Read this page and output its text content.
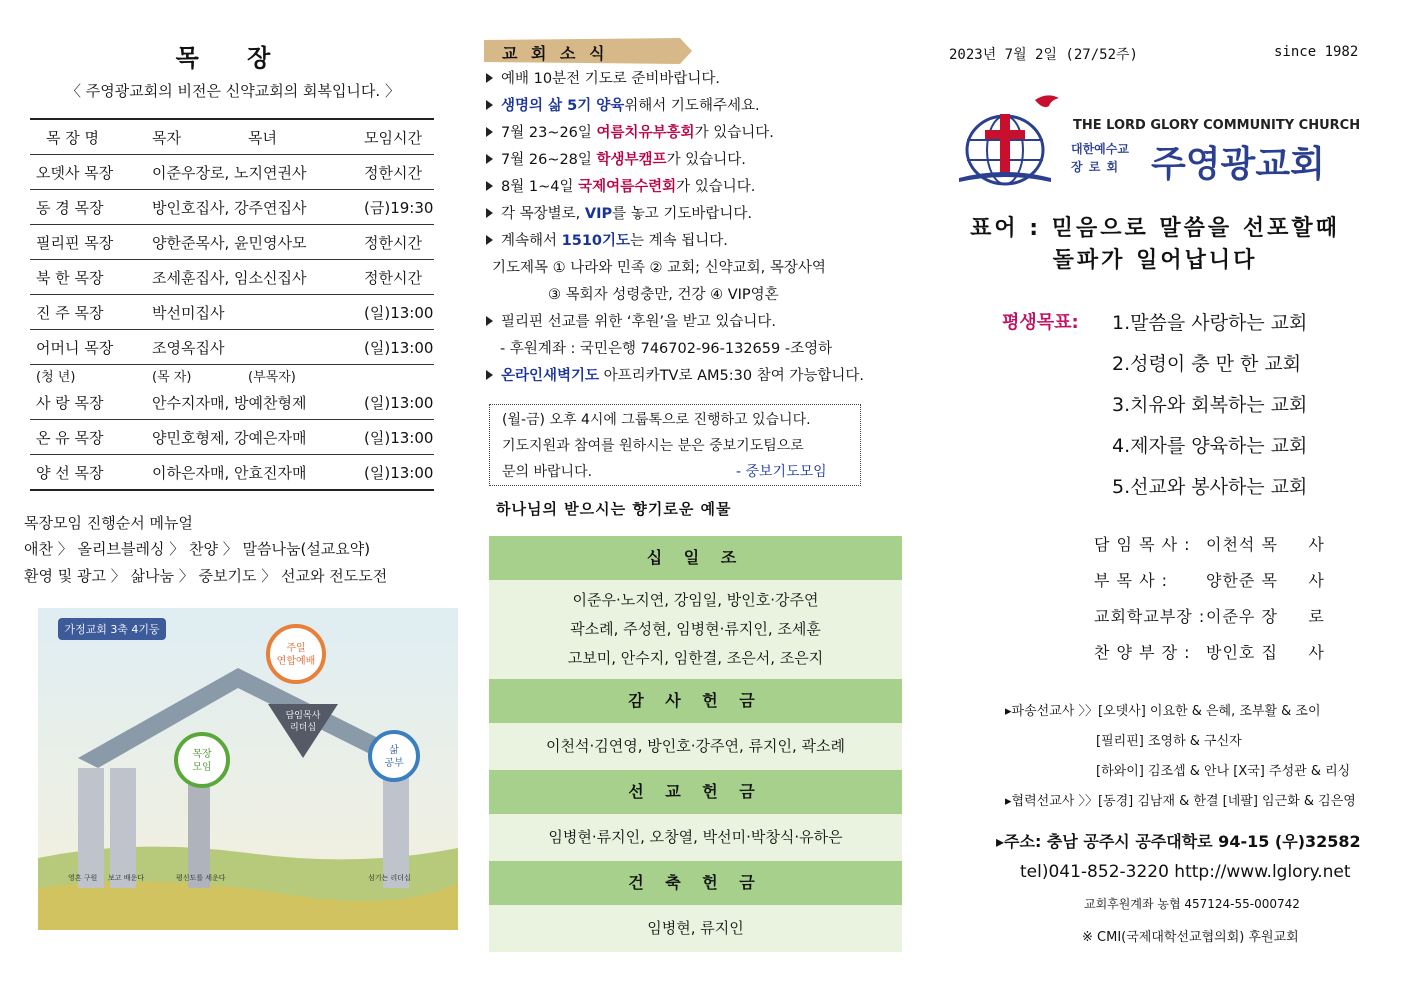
목 장
〈 주영광교회의 비전은 신약교회의 회복입니다. 〉
목 장 명	목자	목녀	모임시간
오뎃사 목장	이준우장로, 노지연권사		정한시간
동 경 목장	방인호집사, 강주연집사		(금)19:30
필리핀 목장	양한준목사, 윤민영사모		정한시간
북 한 목장	조세훈집사, 임소신집사		정한시간
진 주 목장	박선미집사		(일)13:00
어머니 목장	조영옥집사		(일)13:00
(청 년)	(목 자)	(부목자)	
사 랑 목장	안수지자매, 방예찬형제		(일)13:00
온 유 목장	양민호형제, 강예은자매		(일)13:00
양 선 목장	이하은자매, 안효진자매		(일)13:00
목장모임 진행순서 메뉴얼
애찬 〉 올리브블레싱 〉 찬양 〉 말씀나눔(설교요약)
환영 및 광고 〉 삶나눔 〉 중보기도 〉 선교와 전도도전
가정교회 3축 4기둥
담임목사
리더십
주일
연합예배
목장
모임
삶
공부
영혼 구원 보고 배운다	평신도를 세운다	섬기는 리더십
교 회 소 식
예배 10분전 기도로 준비바랍니다.
생명의 삶 5기 양육위해서 기도해주세요.
7월 23~26일 여름치유부흥회가 있습니다.
7월 26~28일 학생부캠프가 있습니다.
8월 1~4일 국제여름수련회가 있습니다.
각 목장별로, VIP를 놓고 기도바랍니다.
계속해서 1510기도는 계속 됩니다.
기도제목 ① 나라와 민족 ② 교회; 신약교회, 목장사역
③ 목회자 성령충만, 건강 ④ VIP영혼
필리핀 선교를 위한 ‘후원’을 받고 있습니다.
- 후원계좌 : 국민은행 746702-96-132659 -조영하
온라인새벽기도 아프리카TV로 AM5:30 참여 가능합니다.
(월-금) 오후 4시에 그룹톡으로 진행하고 있습니다.
기도지원과 참여를 원하시는 분은 중보기도팀으로
문의 바랍니다.	- 중보기도모임
하나님의 받으시는 향기로운 예물
십 일 조
이준우·노지연, 강임일, 방인호·강주연
곽소례, 주성현, 임병현·류지인, 조세훈
고보미, 안수지, 임한결, 조은서, 조은지
감 사 헌 금
이천석·김연영, 방인호·강주연, 류지인, 곽소례
선 교 헌 금
임병현·류지인, 오창열, 박선미·박창식·유하은
건 축 헌 금
임병현, 류지인
2023년 7월 2일 (27/52주)	since 1982
THE LORD GLORY COMMUNITY CHURCH
대한예수교
장 로 회 주영광교회
표어 : 믿음으로 말씀을 선포할때
돌파가 일어납니다
평생목표: 1.말씀을 사랑하는 교회
2.성령이 충 만 한 교회
3.치유와 회복하는 교회
4.제자를 양육하는 교회
5.선교와 봉사하는 교회
담 임 목 사 : 이천석 목     사
부 목 사 : 양한준 목     사
교회학교부장 : 이준우 장     로
찬 양 부 장 : 방인호 집     사
▸파송선교사 〉〉[오뎃사] 이요한 & 은혜, 조부활 & 조이
[필리핀] 조영하 & 구신자
[하와이] 김조셉 & 안나 [X국] 주성관 & 리싱
▸협력선교사 〉〉[동경] 김남재 & 한결 [네팔] 임근화 & 김은영
▸주소: 충남 공주시 공주대학로 94-15 (우)32582
tel)041-852-3220 http://www.lglory.net
교회후원계좌 농협 457124-55-000742
※ CMI(국제대학선교협의회) 후원교회
